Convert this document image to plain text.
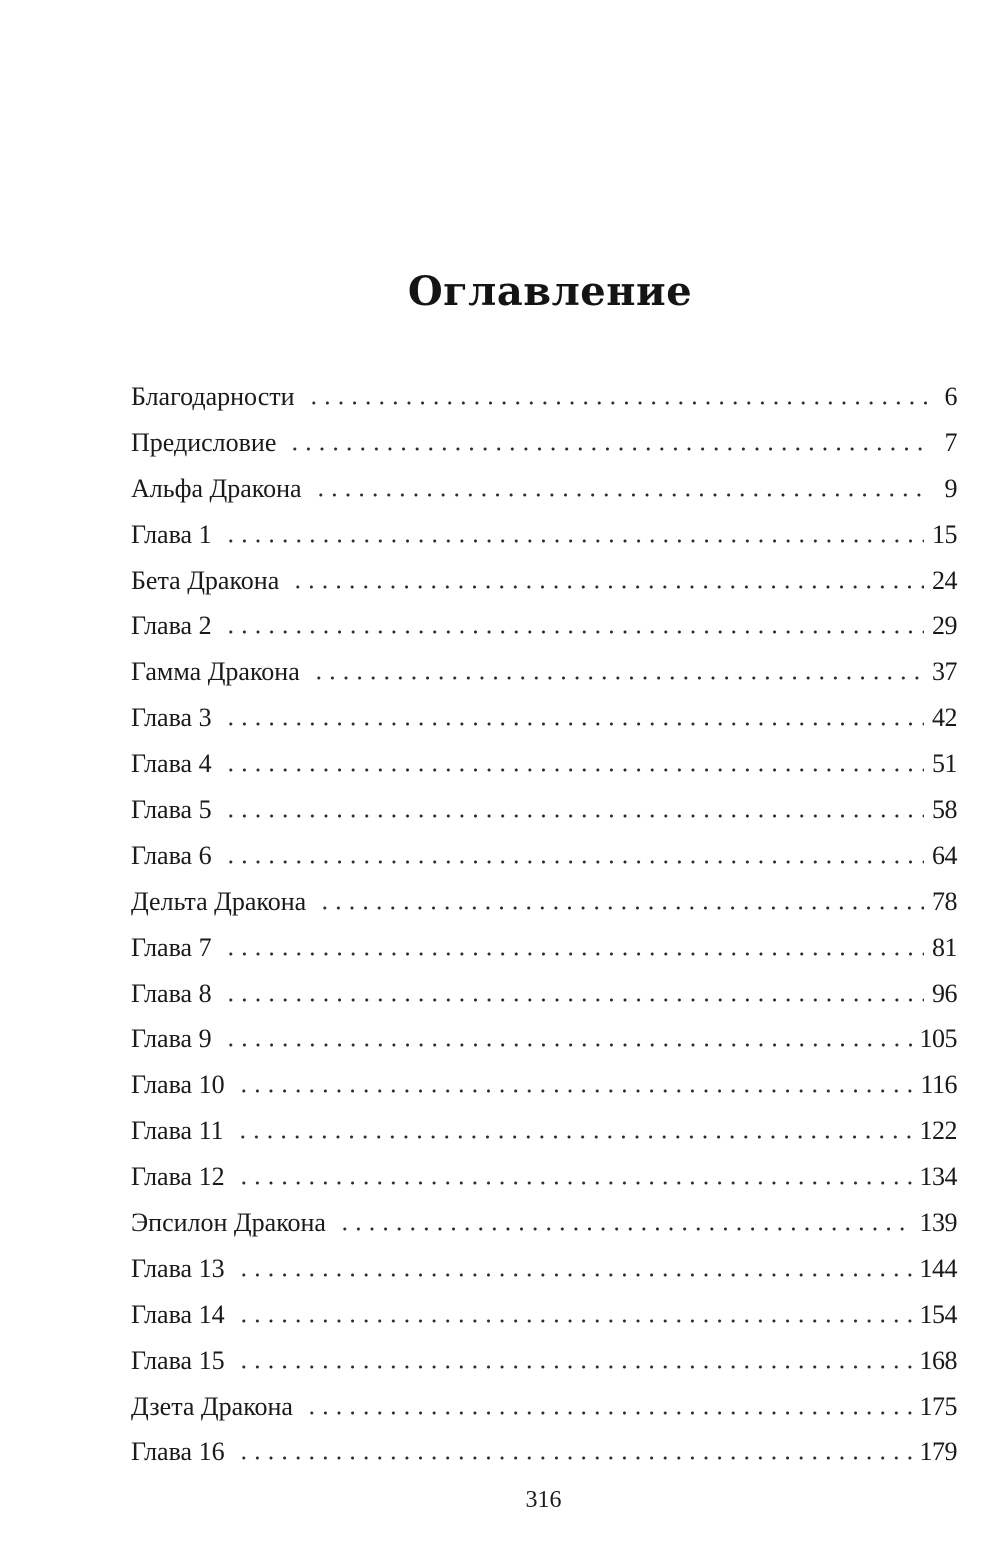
Оглавление
Благодарности	6
Предисловие	7
Альфа Дракона	9
Глава 1	15
Бета Дракона	24
Глава 2	29
Гамма Дракона	37
Глава 3	42
Глава 4	51
Глава 5	58
Глава 6	64
Дельта Дракона	78
Глава 7	81
Глава 8	96
Глава 9	105
Глава 10	116
Глава 11	122
Глава 12	134
Эпсилон Дракона	139
Глава 13	144
Глава 14	154
Глава 15	168
Дзета Дракона	175
Глава 16	179
316
